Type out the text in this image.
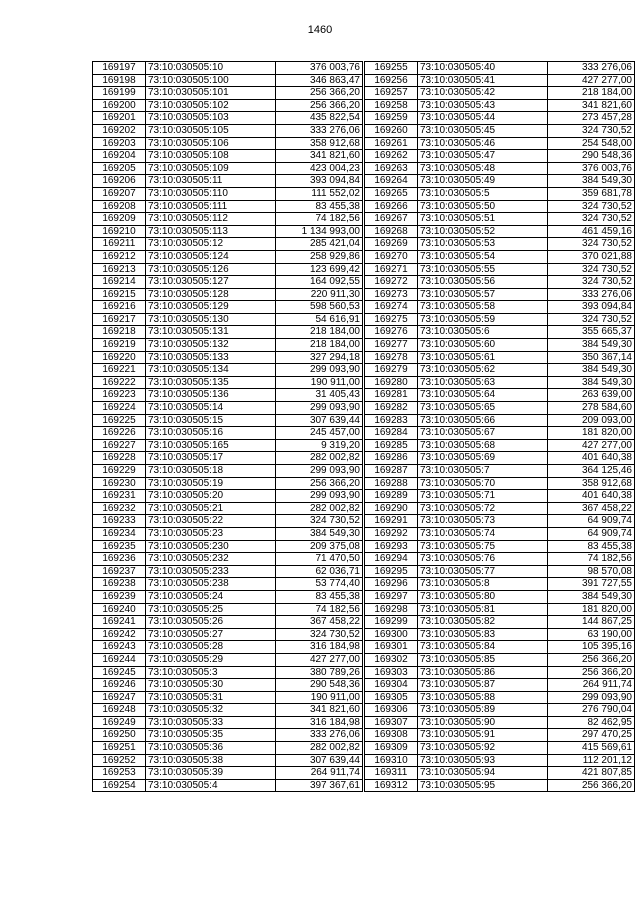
1460
169197	73:10:030505:10	376 003,76
169198	73:10:030505:100	346 863,47
169199	73:10:030505:101	256 366,20
169200	73:10:030505:102	256 366,20
169201	73:10:030505:103	435 822,54
169202	73:10:030505:105	333 276,06
169203	73:10:030505:106	358 912,68
169204	73:10:030505:108	341 821,60
169205	73:10:030505:109	423 004,23
169206	73:10:030505:11	393 094,84
169207	73:10:030505:110	111 552,02
169208	73:10:030505:111	83 455,38
169209	73:10:030505:112	74 182,56
169210	73:10:030505:113	1 134 993,00
169211	73:10:030505:12	285 421,04
169212	73:10:030505:124	258 929,86
169213	73:10:030505:126	123 699,42
169214	73:10:030505:127	164 092,55
169215	73:10:030505:128	220 911,30
169216	73:10:030505:129	598 560,53
169217	73:10:030505:130	54 616,91
169218	73:10:030505:131	218 184,00
169219	73:10:030505:132	218 184,00
169220	73:10:030505:133	327 294,18
169221	73:10:030505:134	299 093,90
169222	73:10:030505:135	190 911,00
169223	73:10:030505:136	31 405,43
169224	73:10:030505:14	299 093,90
169225	73:10:030505:15	307 639,44
169226	73:10:030505:16	245 457,00
169227	73:10:030505:165	9 319,20
169228	73:10:030505:17	282 002,82
169229	73:10:030505:18	299 093,90
169230	73:10:030505:19	256 366,20
169231	73:10:030505:20	299 093,90
169232	73:10:030505:21	282 002,82
169233	73:10:030505:22	324 730,52
169234	73:10:030505:23	384 549,30
169235	73:10:030505:230	209 375,08
169236	73:10:030505:232	71 470,50
169237	73:10:030505:233	62 036,71
169238	73:10:030505:238	53 774,40
169239	73:10:030505:24	83 455,38
169240	73:10:030505:25	74 182,56
169241	73:10:030505:26	367 458,22
169242	73:10:030505:27	324 730,52
169243	73:10:030505:28	316 184,98
169244	73:10:030505:29	427 277,00
169245	73:10:030505:3	380 789,26
169246	73:10:030505:30	290 548,36
169247	73:10:030505:31	190 911,00
169248	73:10:030505:32	341 821,60
169249	73:10:030505:33	316 184,98
169250	73:10:030505:35	333 276,06
169251	73:10:030505:36	282 002,82
169252	73:10:030505:38	307 639,44
169253	73:10:030505:39	264 911,74
169254	73:10:030505:4	397 367,61
169255	73:10:030505:40	333 276,06
169256	73:10:030505:41	427 277,00
169257	73:10:030505:42	218 184,00
169258	73:10:030505:43	341 821,60
169259	73:10:030505:44	273 457,28
169260	73:10:030505:45	324 730,52
169261	73:10:030505:46	254 548,00
169262	73:10:030505:47	290 548,36
169263	73:10:030505:48	376 003,76
169264	73:10:030505:49	384 549,30
169265	73:10:030505:5	359 681,78
169266	73:10:030505:50	324 730,52
169267	73:10:030505:51	324 730,52
169268	73:10:030505:52	461 459,16
169269	73:10:030505:53	324 730,52
169270	73:10:030505:54	370 021,88
169271	73:10:030505:55	324 730,52
169272	73:10:030505:56	324 730,52
169273	73:10:030505:57	333 276,06
169274	73:10:030505:58	393 094,84
169275	73:10:030505:59	324 730,52
169276	73:10:030505:6	355 665,37
169277	73:10:030505:60	384 549,30
169278	73:10:030505:61	350 367,14
169279	73:10:030505:62	384 549,30
169280	73:10:030505:63	384 549,30
169281	73:10:030505:64	263 639,00
169282	73:10:030505:65	278 584,60
169283	73:10:030505:66	209 093,00
169284	73:10:030505:67	181 820,00
169285	73:10:030505:68	427 277,00
169286	73:10:030505:69	401 640,38
169287	73:10:030505:7	364 125,46
169288	73:10:030505:70	358 912,68
169289	73:10:030505:71	401 640,38
169290	73:10:030505:72	367 458,22
169291	73:10:030505:73	64 909,74
169292	73:10:030505:74	64 909,74
169293	73:10:030505:75	83 455,38
169294	73:10:030505:76	74 182,56
169295	73:10:030505:77	98 570,08
169296	73:10:030505:8	391 727,55
169297	73:10:030505:80	384 549,30
169298	73:10:030505:81	181 820,00
169299	73:10:030505:82	144 867,25
169300	73:10:030505:83	63 190,00
169301	73:10:030505:84	105 395,16
169302	73:10:030505:85	256 366,20
169303	73:10:030505:86	256 366,20
169304	73:10:030505:87	264 911,74
169305	73:10:030505:88	299 093,90
169306	73:10:030505:89	276 790,04
169307	73:10:030505:90	82 462,95
169308	73:10:030505:91	297 470,25
169309	73:10:030505:92	415 569,61
169310	73:10:030505:93	112 201,12
169311	73:10:030505:94	421 807,85
169312	73:10:030505:95	256 366,20
